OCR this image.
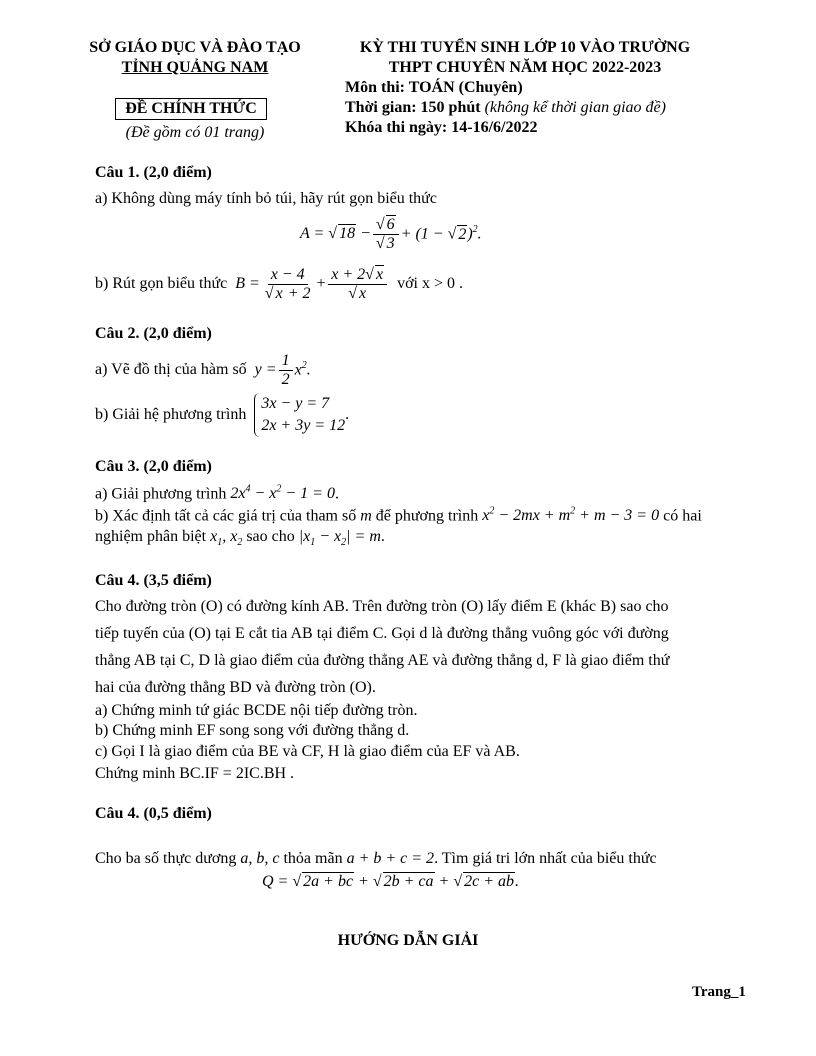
SỞ GIÁO DỤC VÀ ĐÀO TẠO
TỈNH QUẢNG NAM
ĐỀ CHÍNH THỨC
(Đề gồm có 01 trang)
KỲ THI TUYỂN SINH LỚP 10 VÀO TRƯỜNG
THPT CHUYÊN NĂM HỌC 2022-2023
Môn thi: TOÁN (Chuyên)
Thời gian: 150 phút (không kể thời gian giao đề)
Khóa thi ngày: 14-16/6/2022
Câu 1. (2,0 điểm)
a) Không dùng máy tính bỏ túi, hãy rút gọn biểu thức
A = √ $18 - \frac{√ 6}{√ 3} + (1$ − √ 2)$^2$.
b) Rút gọn biểu thức $B = \frac{x - 4}{√ x + 2} + \frac{x + 2√ x}{√ x}$ với x > 0 .
Câu 2. (2,0 điểm)
a) Vẽ đồ thị của hàm số $y = \frac{1}{2} x^2$.
b) Giải hệ phương trình
3x − y = 7
2x + 3y = 12
.
Câu 3. (2,0 điểm)
a) Giải phương trình $2x^4 - x^2 - 1 = 0$.
b) Xác định tất cả các giá trị của tham số m để phương trình $x^2 - 2mx + m^2 + m - 3 = 0$ có hai
nghiệm phân biệt $x_1$, $x_2$ sao cho $|x_1 - x_2| = m$.
Câu 4. (3,5 điểm)
Cho đường tròn (O) có đường kính AB. Trên đường tròn (O) lấy điểm E (khác B) sao cho
tiếp tuyến của (O) tại E cắt tia AB tại điểm C. Gọi d là đường thẳng vuông góc với đường
thẳng AB tại C, D là giao điểm của đường thẳng AE và đường thẳng d, F là giao điểm thứ
hai của đường thẳng BD và đường tròn (O).
a) Chứng minh tứ giác BCDE nội tiếp đường tròn.
b) Chứng minh EF song song với đường thẳng d.
c) Gọi I là giao điểm của BE và CF, H là giao điểm của EF và AB.
Chứng minh BC.IF = 2IC.BH .
Câu 4. (0,5 điểm)
Cho ba số thực dương a, b, c thỏa mãn a + b + c = 2. Tìm giá tri lớn nhất của biểu thức
Q = √ 2a + bc + √ 2b + ca + √ 2c + ab.
HƯỚNG DẪN GIẢI
Trang_1
